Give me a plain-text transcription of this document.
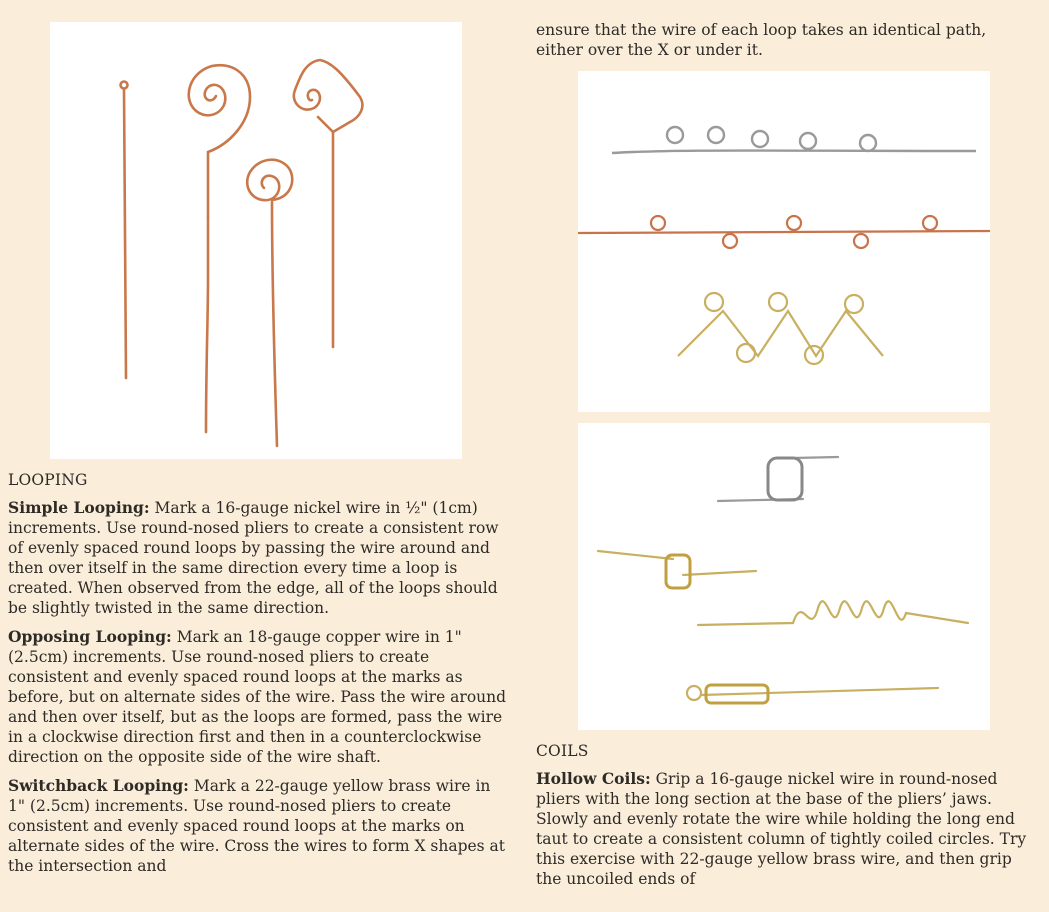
ensure that the wire of each loop takes an identical path, either over the X or under it.

COILS

Hollow Coils: Grip a 16-gauge nickel wire in round-nosed pliers with the long section at the base of the pliers’ jaws. Slowly and evenly rotate the wire while holding the long end taut to create a consistent column of tightly coiled circles. Try this exercise with 22-gauge yellow brass wire, and then grip the uncoiled ends of

LOOPING

Simple Looping: Mark a 16-gauge nickel wire in ½" (1cm) increments. Use round-nosed pliers to create a consistent row of evenly spaced round loops by passing the wire around and then over itself in the same direction every time a loop is created. When observed from the edge, all of the loops should be slightly twisted in the same direction.

Opposing Looping: Mark an 18-gauge copper wire in 1" (2.5cm) increments. Use round-nosed pliers to create consistent and evenly spaced round loops at the marks as before, but on alternate sides of the wire. Pass the wire around and then over itself, but as the loops are formed, pass the wire in a clockwise direction first and then in a counterclockwise direction on the opposite side of the wire shaft.

Switchback Looping: Mark a 22-gauge yellow brass wire in 1" (2.5cm) increments. Use round-nosed pliers to create consistent and evenly spaced round loops at the marks on alternate sides of the wire. Cross the wires to form X shapes at the intersection and
